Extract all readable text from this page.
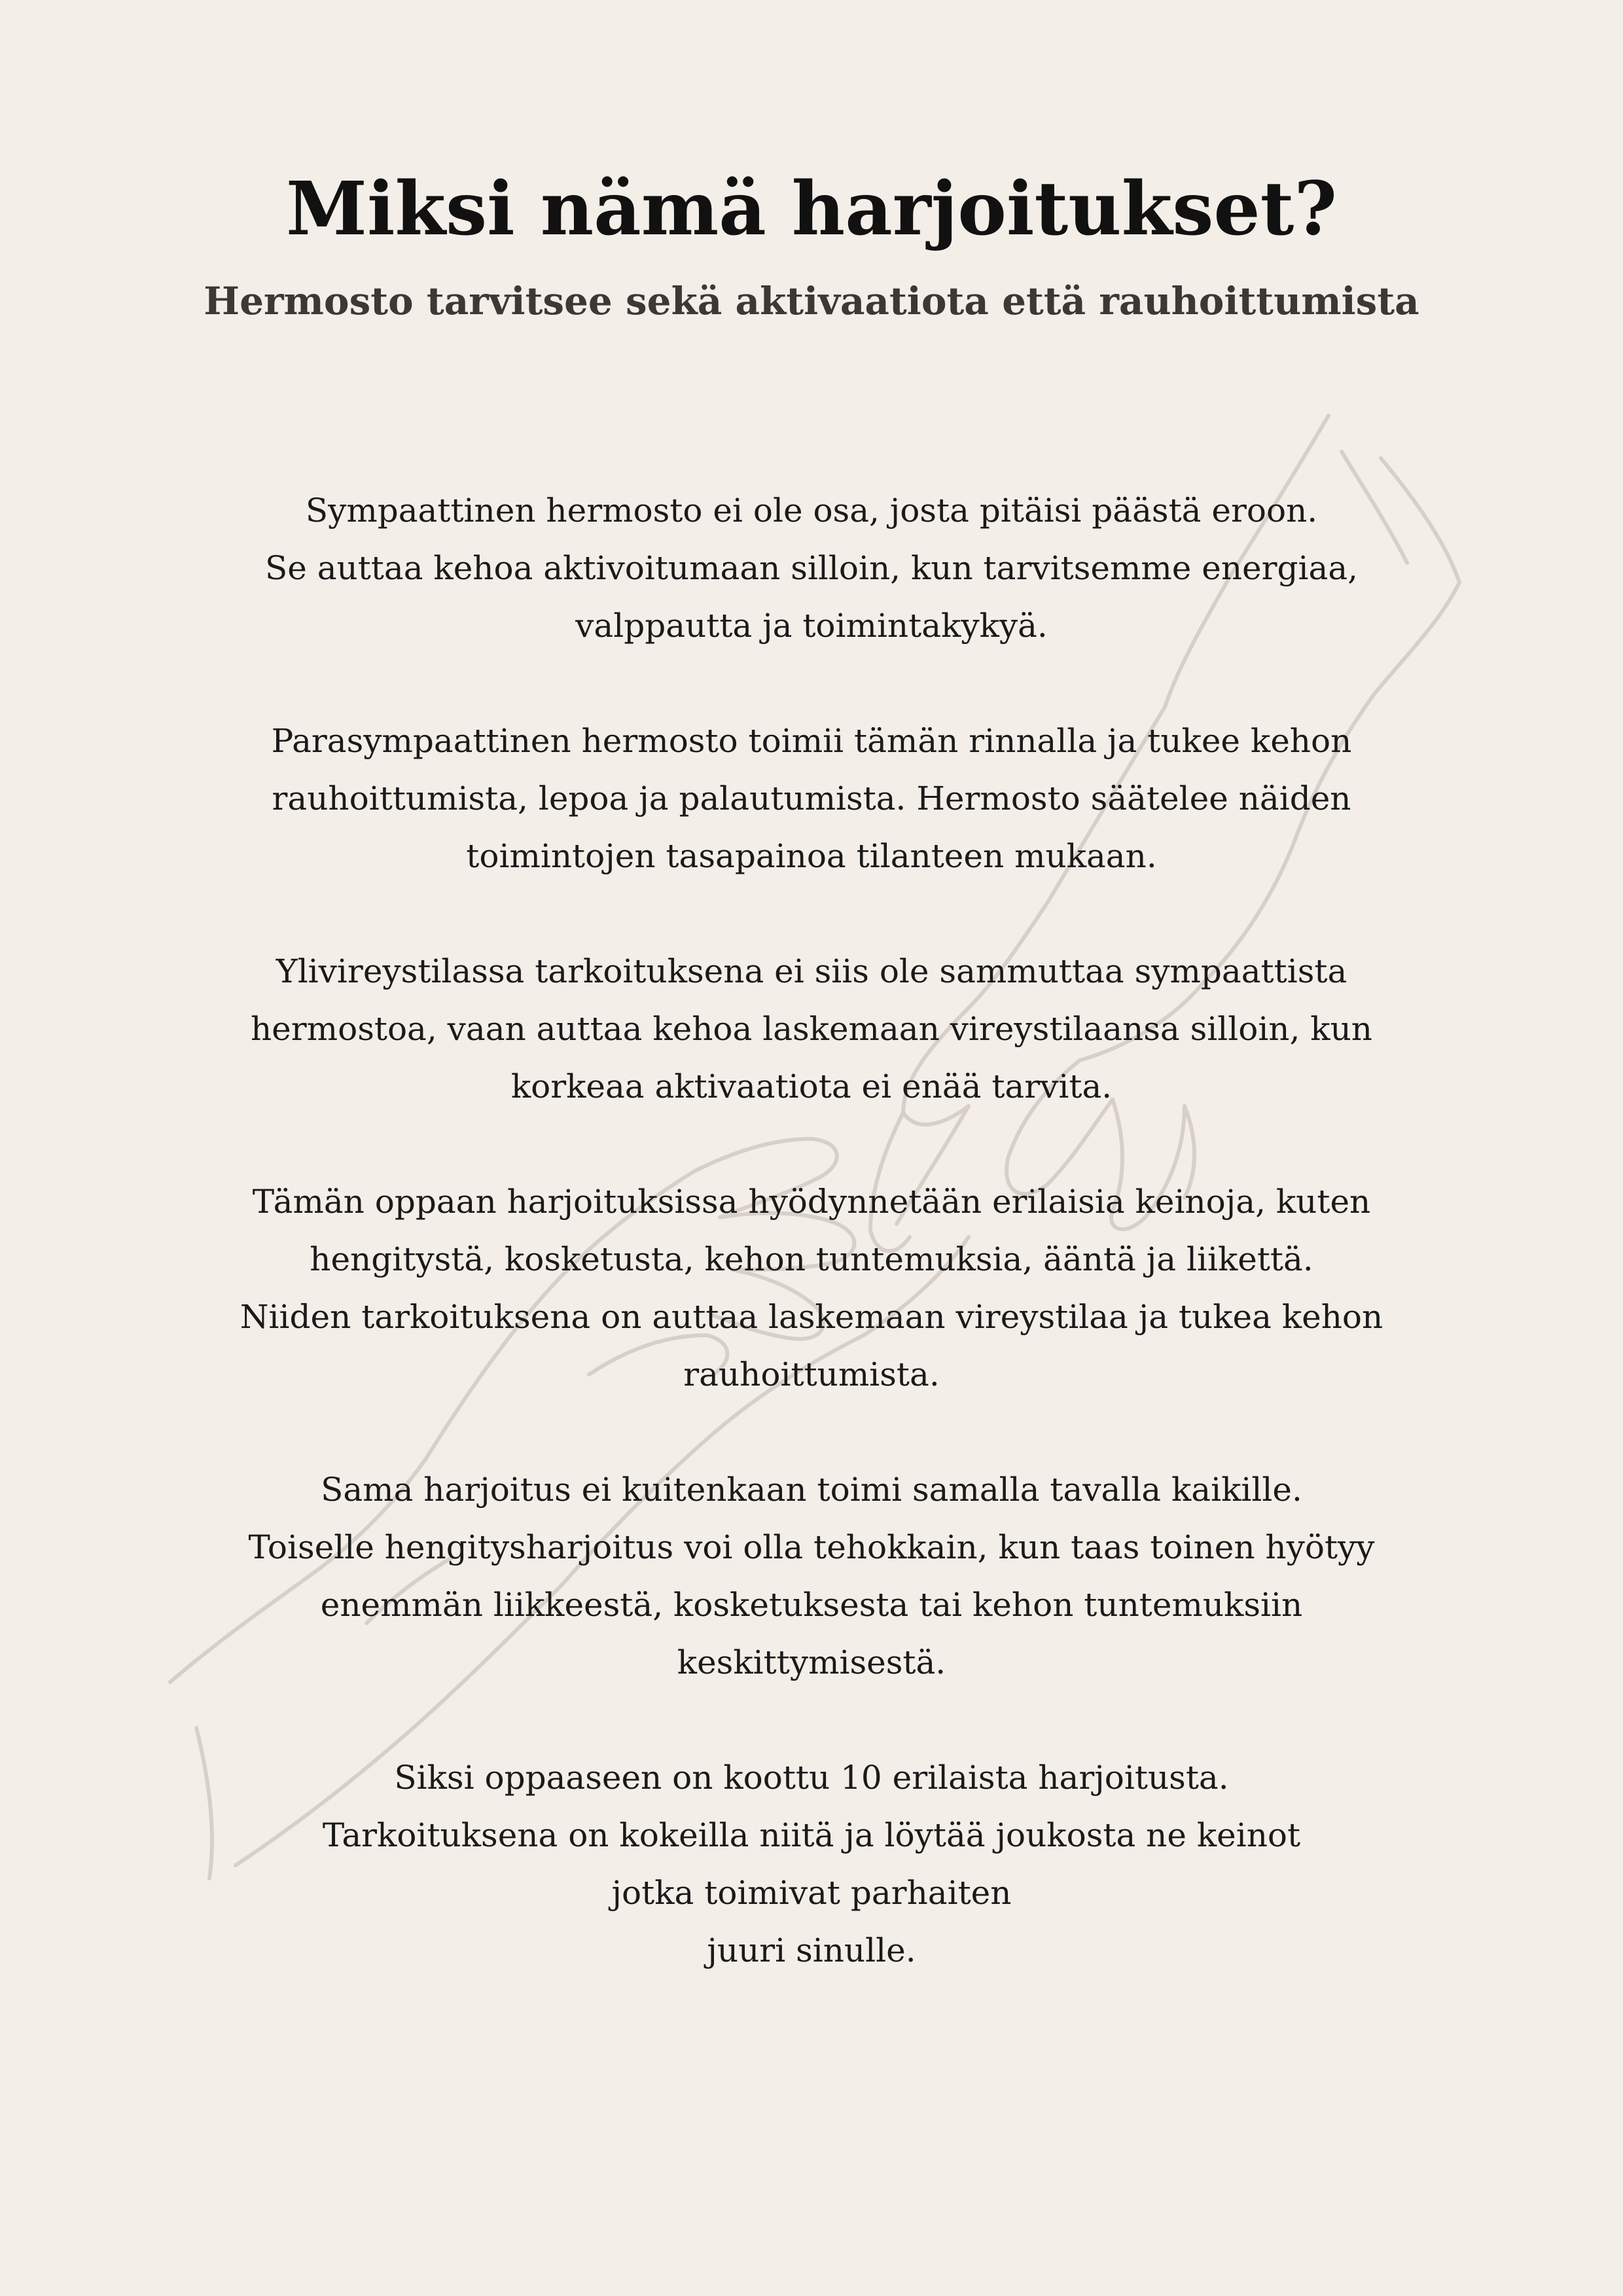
Miksi nämä harjoitukset?
Hermosto tarvitsee sekä aktivaatiota että rauhoittumista

Sympaattinen hermosto ei ole osa, josta pitäisi päästä eroon.
Se auttaa kehoa aktivoitumaan silloin, kun tarvitsemme energiaa,
valppautta ja toimintakykyä.

Parasympaattinen hermosto toimii tämän rinnalla ja tukee kehon
rauhoittumista, lepoa ja palautumista. Hermosto säätelee näiden
toimintojen tasapainoa tilanteen mukaan.

Ylivireystilassa tarkoituksena ei siis ole sammuttaa sympaattista
hermostoa, vaan auttaa kehoa laskemaan vireystilaansa silloin, kun
korkeaa aktivaatiota ei enää tarvita.

Tämän oppaan harjoituksissa hyödynnetään erilaisia keinoja, kuten
hengitystä, kosketusta, kehon tuntemuksia, ääntä ja liikettä.
Niiden tarkoituksena on auttaa laskemaan vireystilaa ja tukea kehon
rauhoittumista.

Sama harjoitus ei kuitenkaan toimi samalla tavalla kaikille.
Toiselle hengitysharjoitus voi olla tehokkain, kun taas toinen hyötyy
enemmän liikkeestä, kosketuksesta tai kehon tuntemuksiin
keskittymisestä.

Siksi oppaaseen on koottu 10 erilaista harjoitusta.
Tarkoituksena on kokeilla niitä ja löytää joukosta ne keinot
jotka toimivat parhaiten
juuri sinulle.
